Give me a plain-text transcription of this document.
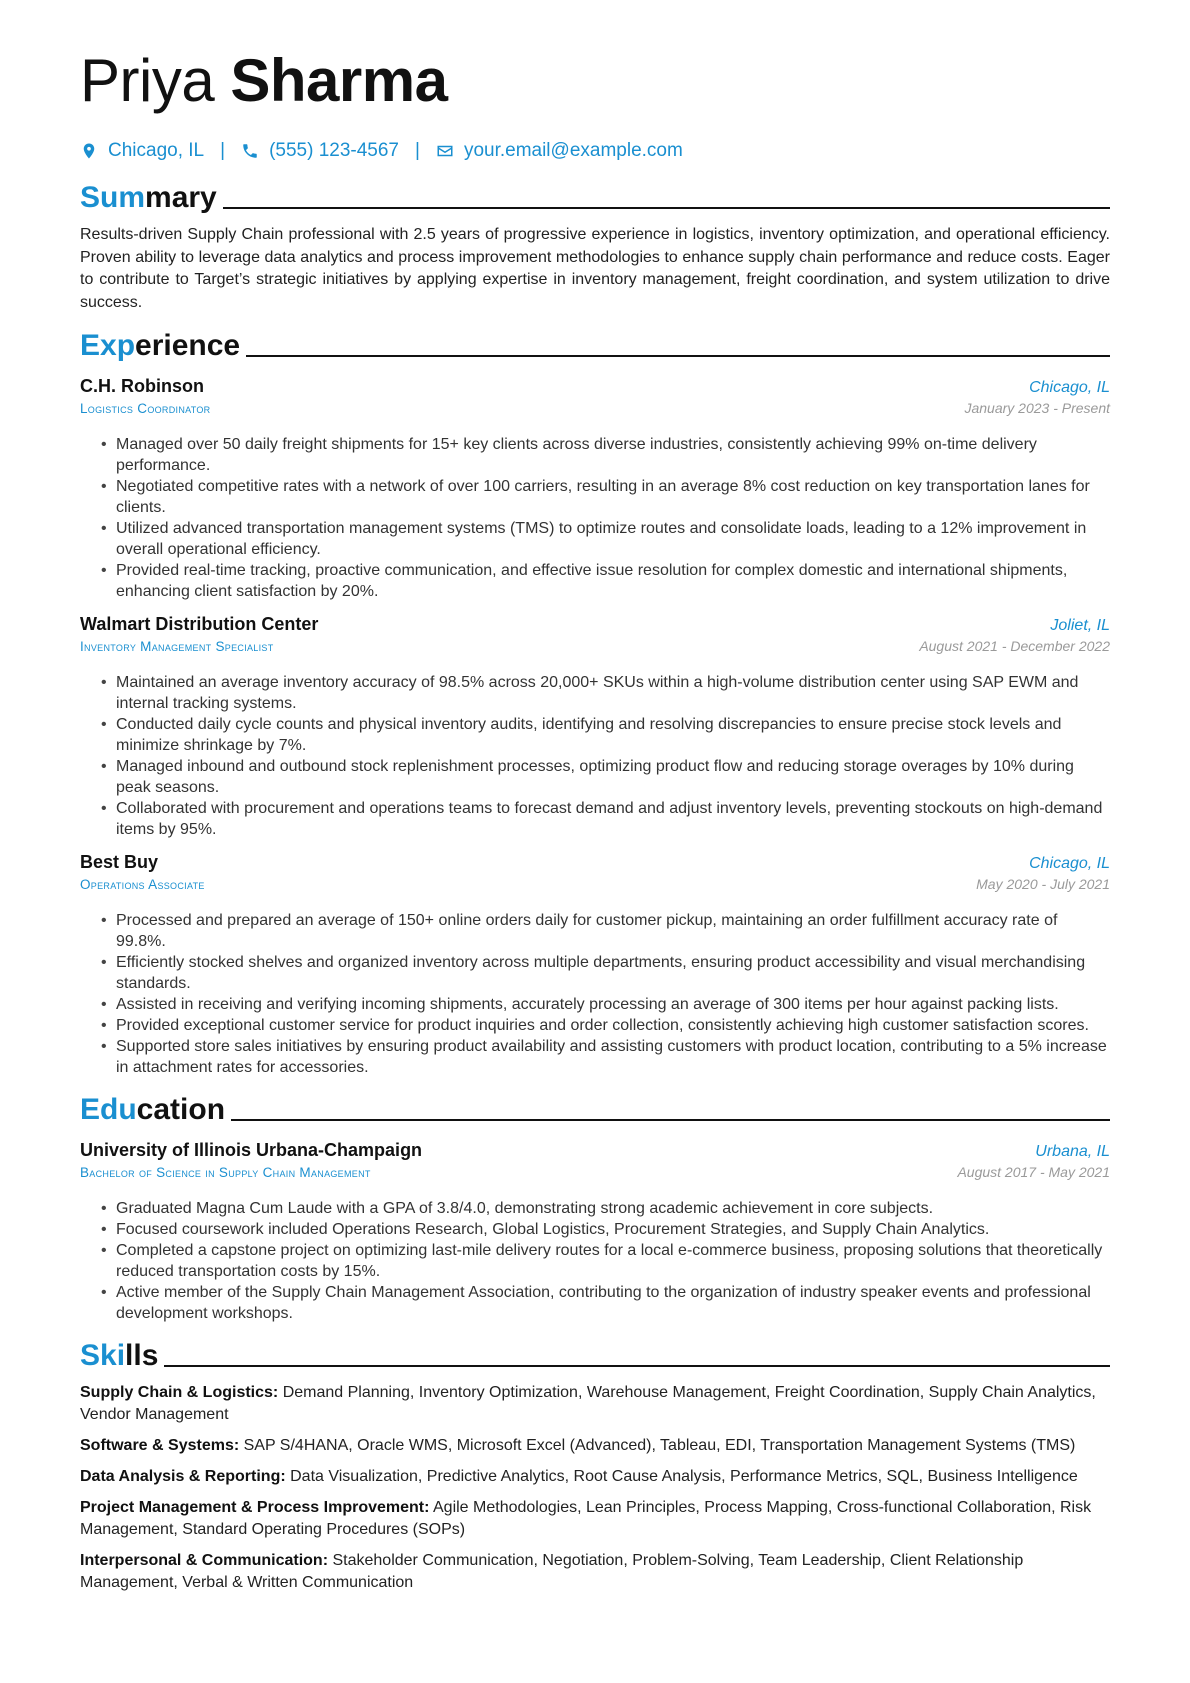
Priya Sharma
Chicago, IL | (555) 123-4567 | your.email@example.com
Summary

Results-driven Supply Chain professional with 2.5 years of progressive experience in logistics, inventory optimization, and operational efficiency. Proven ability to leverage data analytics and process improvement methodologies to enhance supply chain performance and reduce costs. Eager to contribute to Target’s strategic initiatives by applying expertise in inventory management, freight coordination, and system utilization to drive success.

Experience
C.H. Robinson	Chicago, IL
Logistics Coordinator	January 2023 - Present
• Managed over 50 daily freight shipments for 15+ key clients across diverse industries, consistently achieving 99% on-time delivery performance.
• Negotiated competitive rates with a network of over 100 carriers, resulting in an average 8% cost reduction on key transportation lanes for clients.
• Utilized advanced transportation management systems (TMS) to optimize routes and consolidate loads, leading to a 12% improvement in overall operational efficiency.
• Provided real-time tracking, proactive communication, and effective issue resolution for complex domestic and international shipments, enhancing client satisfaction by 20%.
Walmart Distribution Center	Joliet, IL
Inventory Management Specialist	August 2021 - December 2022
• Maintained an average inventory accuracy of 98.5% across 20,000+ SKUs within a high-volume distribution center using SAP EWM and internal tracking systems.
• Conducted daily cycle counts and physical inventory audits, identifying and resolving discrepancies to ensure precise stock levels and minimize shrinkage by 7%.
• Managed inbound and outbound stock replenishment processes, optimizing product flow and reducing storage overages by 10% during peak seasons.
• Collaborated with procurement and operations teams to forecast demand and adjust inventory levels, preventing stockouts on high-demand items by 95%.
Best Buy	Chicago, IL
Operations Associate	May 2020 - July 2021
• Processed and prepared an average of 150+ online orders daily for customer pickup, maintaining an order fulfillment accuracy rate of 99.8%.
• Efficiently stocked shelves and organized inventory across multiple departments, ensuring product accessibility and visual merchandising standards.
• Assisted in receiving and verifying incoming shipments, accurately processing an average of 300 items per hour against packing lists.
• Provided exceptional customer service for product inquiries and order collection, consistently achieving high customer satisfaction scores.
• Supported store sales initiatives by ensuring product availability and assisting customers with product location, contributing to a 5% increase in attachment rates for accessories.
Education
University of Illinois Urbana-Champaign	Urbana, IL
Bachelor of Science in Supply Chain Management	August 2017 - May 2021
• Graduated Magna Cum Laude with a GPA of 3.8/4.0, demonstrating strong academic achievement in core subjects.
• Focused coursework included Operations Research, Global Logistics, Procurement Strategies, and Supply Chain Analytics.
• Completed a capstone project on optimizing last-mile delivery routes for a local e-commerce business, proposing solutions that theoretically reduced transportation costs by 15%.
• Active member of the Supply Chain Management Association, contributing to the organization of industry speaker events and professional development workshops.
Skills
Supply Chain & Logistics: Demand Planning, Inventory Optimization, Warehouse Management, Freight Coordination, Supply Chain Analytics, Vendor Management
Software & Systems: SAP S/4HANA, Oracle WMS, Microsoft Excel (Advanced), Tableau, EDI, Transportation Management Systems (TMS)
Data Analysis & Reporting: Data Visualization, Predictive Analytics, Root Cause Analysis, Performance Metrics, SQL, Business Intelligence
Project Management & Process Improvement: Agile Methodologies, Lean Principles, Process Mapping, Cross-functional Collaboration, Risk Management, Standard Operating Procedures (SOPs)
Interpersonal & Communication: Stakeholder Communication, Negotiation, Problem-Solving, Team Leadership, Client Relationship Management, Verbal & Written Communication
